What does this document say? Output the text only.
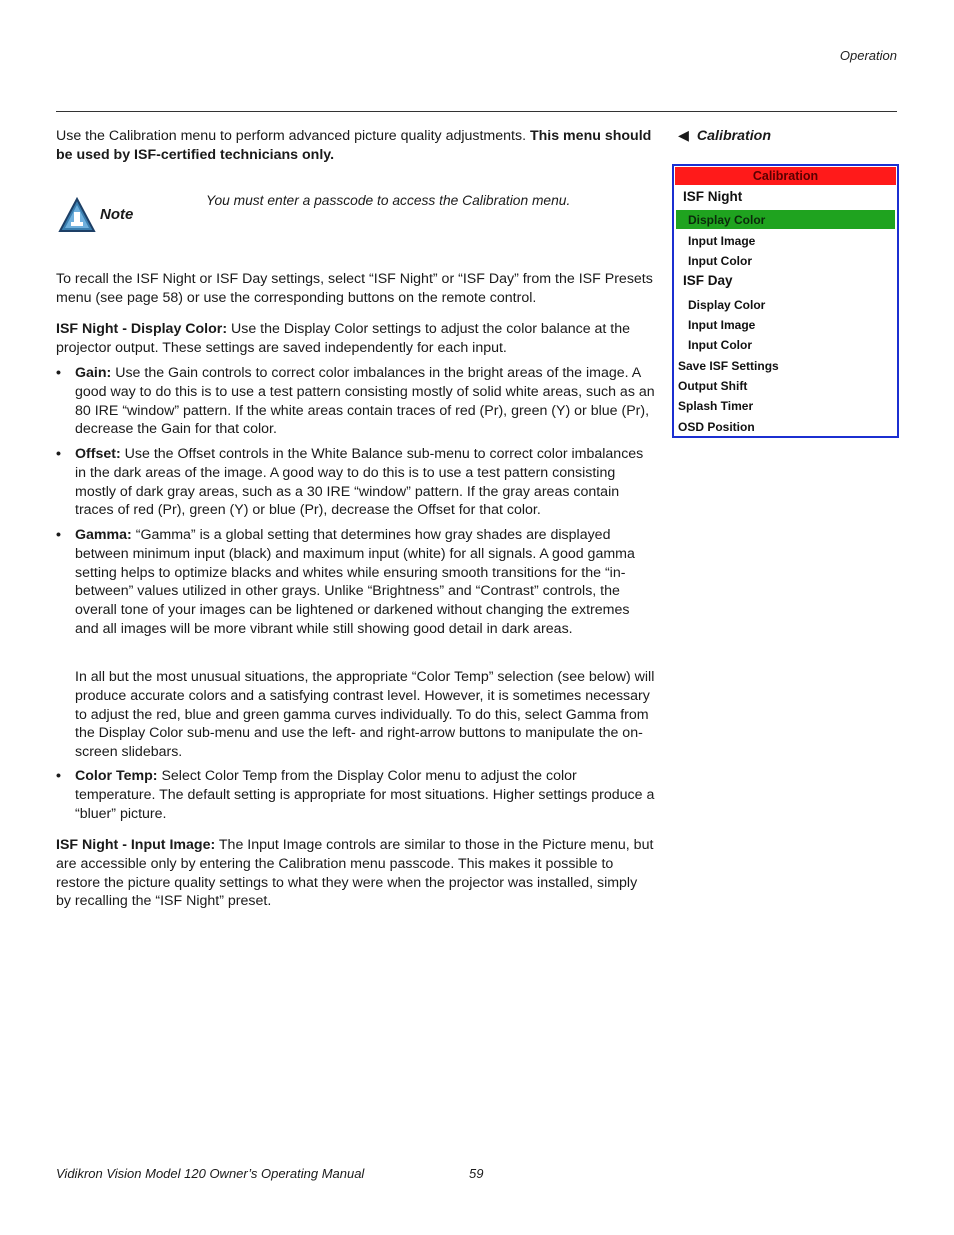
Operation
Use the Calibration menu to perform advanced picture quality adjustments. This menu should be used by ISF-certified technicians only.
Note
You must enter a passcode to access the Calibration menu.

To recall the ISF Night or ISF Day settings, select “ISF Night” or “ISF Day” from the ISF Presets menu (see page 58) or use the corresponding buttons on the remote control.

ISF Night - Display Color: Use the Display Color settings to adjust the color balance at the projector output. These settings are saved independently for each input.

• Gain: Use the Gain controls to correct color imbalances in the bright areas of the image. A good way to do this is to use a test pattern consisting mostly of solid white areas, such as an 80 IRE “window” pattern. If the white areas contain traces of red (Pr), green (Y) or blue (Pr), decrease the Gain for that color.
• Offset: Use the Offset controls in the White Balance sub-menu to correct color imbalances in the dark areas of the image. A good way to do this is to use a test pattern consisting mostly of dark gray areas, such as a 30 IRE “window” pattern. If the gray areas contain traces of red (Pr), green (Y) or blue (Pr), decrease the Offset for that color.
• Gamma: “Gamma” is a global setting that determines how gray shades are displayed between minimum input (black) and maximum input (white) for all signals. A good gamma setting helps to optimize blacks and whites while ensuring smooth transitions for the “in-between” values utilized in other grays. Unlike “Brightness” and “Contrast” controls, the overall tone of your images can be lightened or darkened without changing the extremes and all images will be more vibrant while still showing good detail in dark areas.
• Color Temp: Select Color Temp from the Display Color menu to adjust the color temperature. The default setting is appropriate for most situations. Higher settings produce a “bluer” picture.

In all but the most unusual situations, the appropriate “Color Temp” selection (see below) will produce accurate colors and a satisfying contrast level. However, it is sometimes necessary to adjust the red, blue and green gamma curves individually. To do this, select Gamma from the Display Color sub-menu and use the left- and right-arrow buttons to manipulate the on-screen slidebars.

ISF Night - Input Image: The Input Image controls are similar to those in the Picture menu, but are accessible only by entering the Calibration menu passcode. This makes it possible to restore the picture quality settings to what they were when the projector was installed, simply by recalling the “ISF Night” preset.

◀ Calibration
Calibration
ISF Night
Display Color
Input Image
Input Color
ISF Day
Display Color
Input Image
Input Color
Save ISF Settings
Output Shift
Splash Timer
OSD Position
Vidikron Vision Model 120 Owner’s Operating Manual	59
